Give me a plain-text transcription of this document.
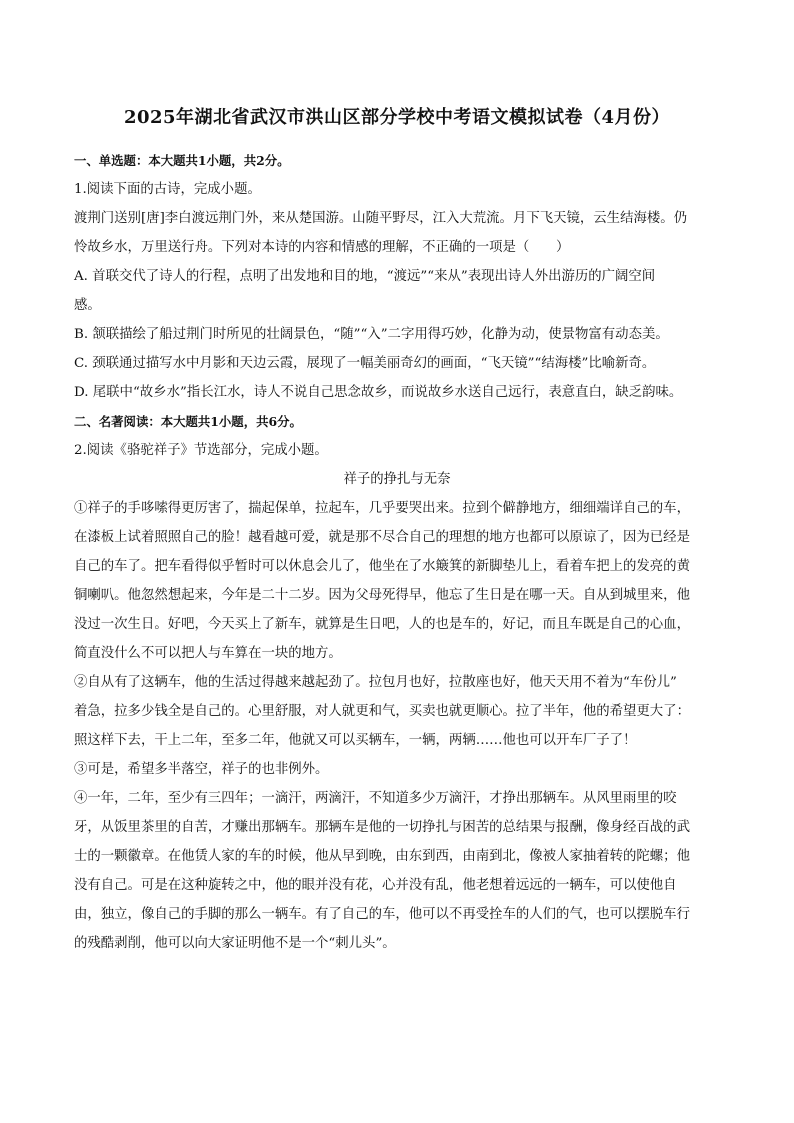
2025年湖北省武汉市洪山区部分学校中考语文模拟试卷（4月份）
一、单选题：本大题共1小题，共2分。
1.阅读下面的古诗，完成小题。
渡荆门送别[唐]李白渡远荆门外，来从楚国游。山随平野尽，江入大荒流。月下飞天镜，云生结海楼。仍
怜故乡水，万里送行舟。下列对本诗的内容和情感的理解，不正确的一项是（　　）
A. 首联交代了诗人的行程，点明了出发地和目的地，“渡远”“来从”表现出诗人外出游历的广阔空间
感。
B. 颔联描绘了船过荆门时所见的壮阔景色，“随”“入”二字用得巧妙，化静为动，使景物富有动态美。
C. 颈联通过描写水中月影和天边云霞，展现了一幅美丽奇幻的画面，“飞天镜”“结海楼”比喻新奇。
D. 尾联中“故乡水”指长江水，诗人不说自己思念故乡，而说故乡水送自己远行，表意直白，缺乏韵味。
二、名著阅读：本大题共1小题，共6分。
2.阅读《骆驼祥子》节选部分，完成小题。
祥子的挣扎与无奈
①祥子的手哆嗦得更厉害了，揣起保单，拉起车，几乎要哭出来。拉到个僻静地方，细细端详自己的车，
在漆板上试着照照自己的脸！越看越可爱，就是那不尽合自己的理想的地方也都可以原谅了，因为已经是
自己的车了。把车看得似乎暂时可以休息会儿了，他坐在了水簸箕的新脚垫儿上，看着车把上的发亮的黄
铜喇叭。他忽然想起来，今年是二十二岁。因为父母死得早，他忘了生日是在哪一天。自从到城里来，他
没过一次生日。好吧，今天买上了新车，就算是生日吧，人的也是车的，好记，而且车既是自己的心血，
简直没什么不可以把人与车算在一块的地方。
②自从有了这辆车，他的生活过得越来越起劲了。拉包月也好，拉散座也好，他天天用不着为“车份儿”
着急，拉多少钱全是自己的。心里舒服，对人就更和气，买卖也就更顺心。拉了半年，他的希望更大了：
照这样下去，干上二年，至多二年，他就又可以买辆车，一辆，两辆……他也可以开车厂子了！
③可是，希望多半落空，祥子的也非例外。
④一年，二年，至少有三四年；一滴汗，两滴汗，不知道多少万滴汗，才挣出那辆车。从风里雨里的咬
牙，从饭里茶里的自苦，才赚出那辆车。那辆车是他的一切挣扎与困苦的总结果与报酬，像身经百战的武
士的一颗徽章。在他赁人家的车的时候，他从早到晚，由东到西，由南到北，像被人家抽着转的陀螺；他
没有自己。可是在这种旋转之中，他的眼并没有花，心并没有乱，他老想着远远的一辆车，可以使他自
由，独立，像自己的手脚的那么一辆车。有了自己的车，他可以不再受拴车的人们的气，也可以摆脱车行
的残酷剥削，他可以向大家证明他不是一个“刺儿头”。
